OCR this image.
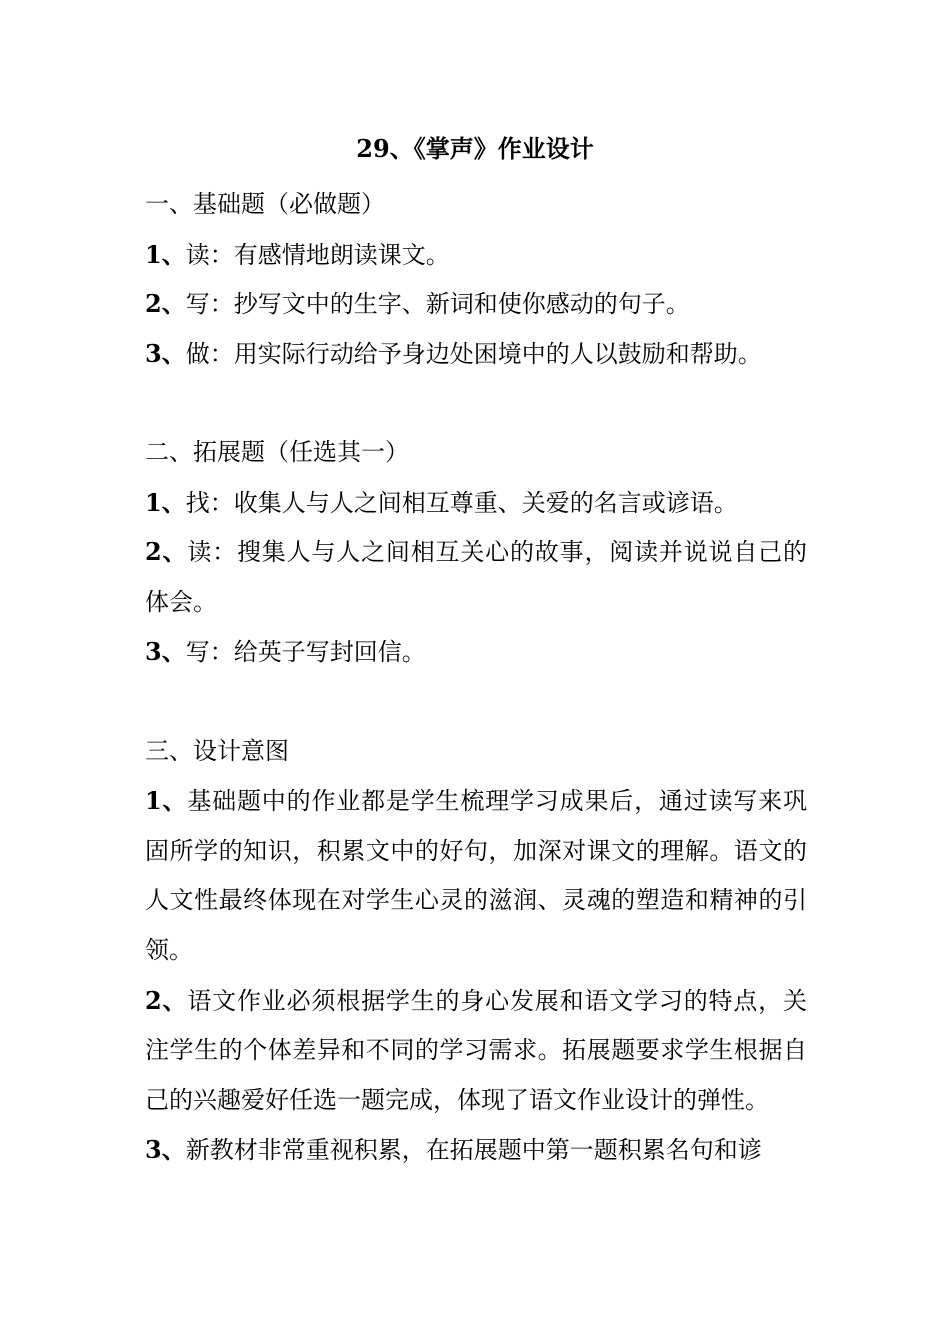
29、《掌声》作业设计
一、基础题（必做题）
1、读：有感情地朗读课文。
2、写：抄写文中的生字、新词和使你感动的句子。
3、做：用实际行动给予身边处困境中的人以鼓励和帮助。
二、拓展题（任选其一）
1、找：收集人与人之间相互尊重、关爱的名言或谚语。
2、读：搜集人与人之间相互关心的故事，阅读并说说自己的体会。
3、写：给英子写封回信。
三、设计意图
1、基础题中的作业都是学生梳理学习成果后，通过读写来巩固所学的知识，积累文中的好句，加深对课文的理解。语文的人文性最终体现在对学生心灵的滋润、灵魂的塑造和精神的引领。
2、语文作业必须根据学生的身心发展和语文学习的特点，关注学生的个体差异和不同的学习需求。拓展题要求学生根据自己的兴趣爱好任选一题完成，体现了语文作业设计的弹性。
3、新教材非常重视积累，在拓展题中第一题积累名句和谚
